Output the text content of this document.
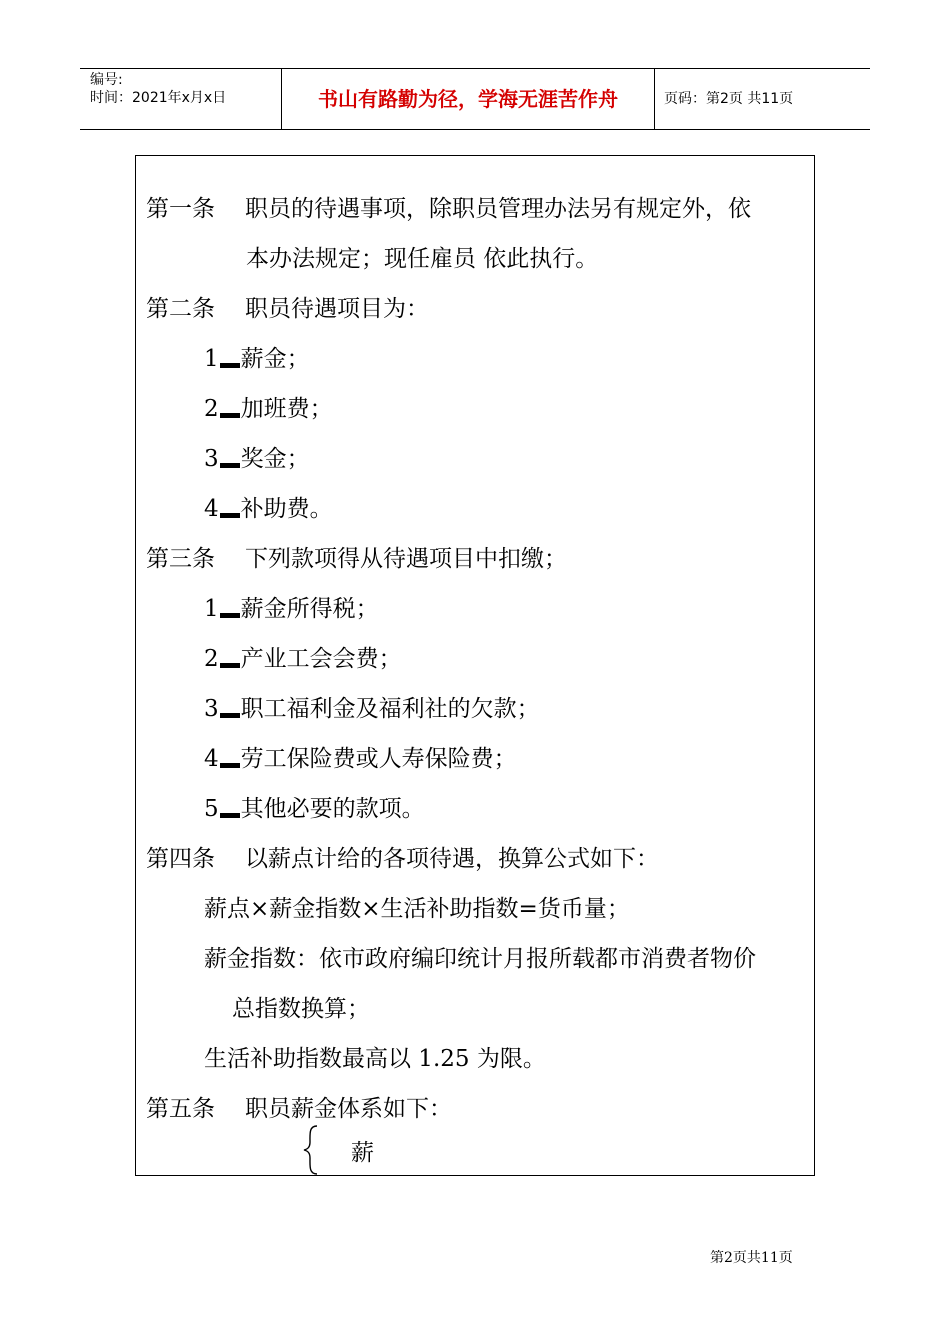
编号:
时间：2021年x月x日	书山有路勤为径，学海无涯苦作舟	页码：第2页 共11页
第一条 职员的待遇事项，除职员管理办法另有规定外，依
本办法规定；现任雇员 依此执行。
第二条 职员待遇项目为：
1 薪金；
2 加班费；
3 奖金；
4 补助费。
第三条 下列款项得从待遇项目中扣缴；
1 薪金所得税；
2 产业工会会费；
3 职工福利金及福利社的欠款；
4 劳工保险费或人寿保险费；
5 其他必要的款项。
第四条 以薪点计给的各项待遇，换算公式如下：
薪点×薪金指数×生活补助指数=货币量；
薪金指数：依市政府编印统计月报所载都市消费者物价
总指数换算；
生活补助指数最高以 1.25 为限。
第五条 职员薪金体系如下：
薪
第2页共11页
